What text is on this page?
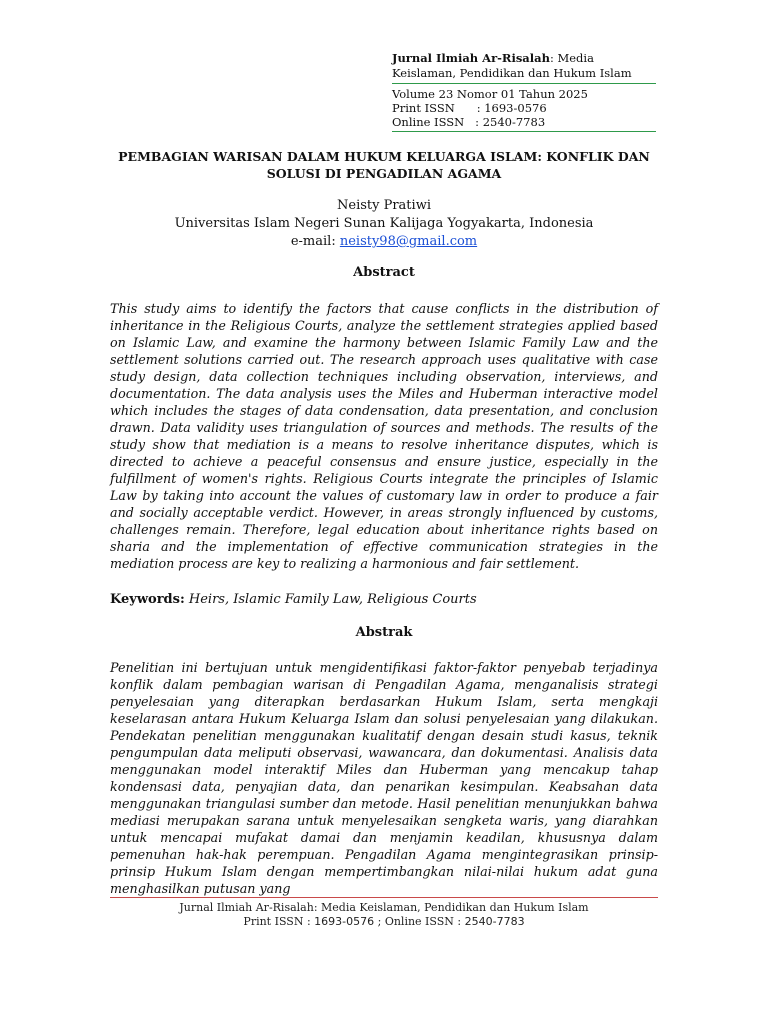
Jurnal Ilmiah Ar-Risalah: Media Keislaman, Pendidikan dan Hukum Islam
Volume 23 Nomor 01 Tahun 2025
Print ISSN      : 1693-0576
Online ISSN   : 2540-7783
PEMBAGIAN WARISAN DALAM HUKUM KELUARGA ISLAM: KONFLIK DAN SOLUSI DI PENGADILAN AGAMA
Neisty Pratiwi
Universitas Islam Negeri Sunan Kalijaga Yogyakarta, Indonesia
e-mail: neisty98@gmail.com
Abstract

This study aims to identify the factors that cause conflicts in the distribution of inheritance in the Religious Courts, analyze the settlement strategies applied based on Islamic Law, and examine the harmony between Islamic Family Law and the settlement solutions carried out. The research approach uses qualitative with case study design, data collection techniques including observation, interviews, and documentation. The data analysis uses the Miles and Huberman interactive model which includes the stages of data condensation, data presentation, and conclusion drawn. Data validity uses triangulation of sources and methods. The results of the study show that mediation is a means to resolve inheritance disputes, which is directed to achieve a peaceful consensus and ensure justice, especially in the fulfillment of women's rights. Religious Courts integrate the principles of Islamic Law by taking into account the values of customary law in order to produce a fair and socially acceptable verdict. However, in areas strongly influenced by customs, challenges remain. Therefore, legal education about inheritance rights based on sharia and the implementation of effective communication strategies in the mediation process are key to realizing a harmonious and fair settlement.

Keywords: Heirs, Islamic Family Law, Religious Courts
Abstrak

Penelitian ini bertujuan untuk mengidentifikasi faktor-faktor penyebab terjadinya konflik dalam pembagian warisan di Pengadilan Agama, menganalisis strategi penyelesaian yang diterapkan berdasarkan Hukum Islam, serta mengkaji keselarasan antara Hukum Keluarga Islam dan solusi penyelesaian yang dilakukan. Pendekatan penelitian menggunakan kualitatif dengan desain studi kasus, teknik pengumpulan data meliputi observasi, wawancara, dan dokumentasi. Analisis data menggunakan model interaktif Miles dan Huberman yang mencakup tahap kondensasi data, penyajian data, dan penarikan kesimpulan. Keabsahan data menggunakan triangulasi sumber dan metode. Hasil penelitian menunjukkan bahwa mediasi merupakan sarana untuk menyelesaikan sengketa waris, yang diarahkan untuk mencapai mufakat damai dan menjamin keadilan, khususnya dalam pemenuhan hak-hak perempuan. Pengadilan Agama mengintegrasikan prinsip-prinsip Hukum Islam dengan mempertimbangkan nilai-nilai hukum adat guna menghasilkan putusan yang

Jurnal Ilmiah Ar-Risalah: Media Keislaman, Pendidikan dan Hukum Islam
Print ISSN : 1693-0576 ; Online ISSN : 2540-7783
